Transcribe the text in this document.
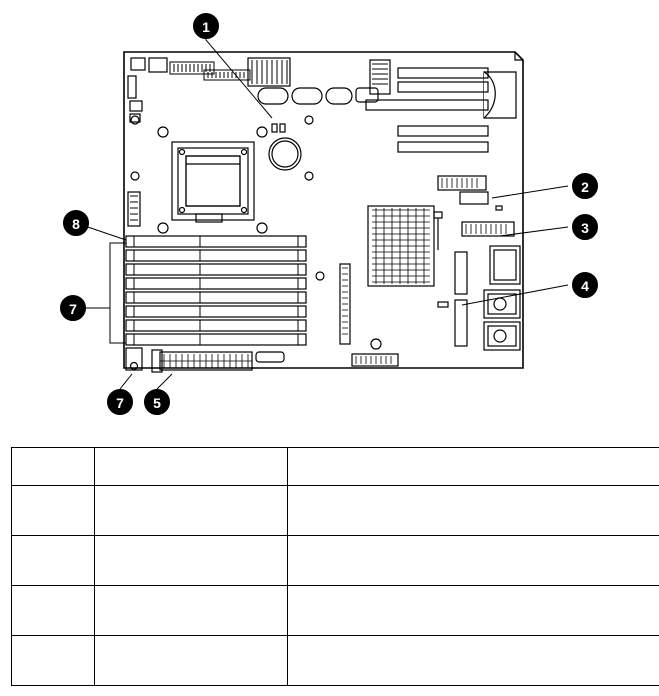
1
2
3
4
8
7
7	5
